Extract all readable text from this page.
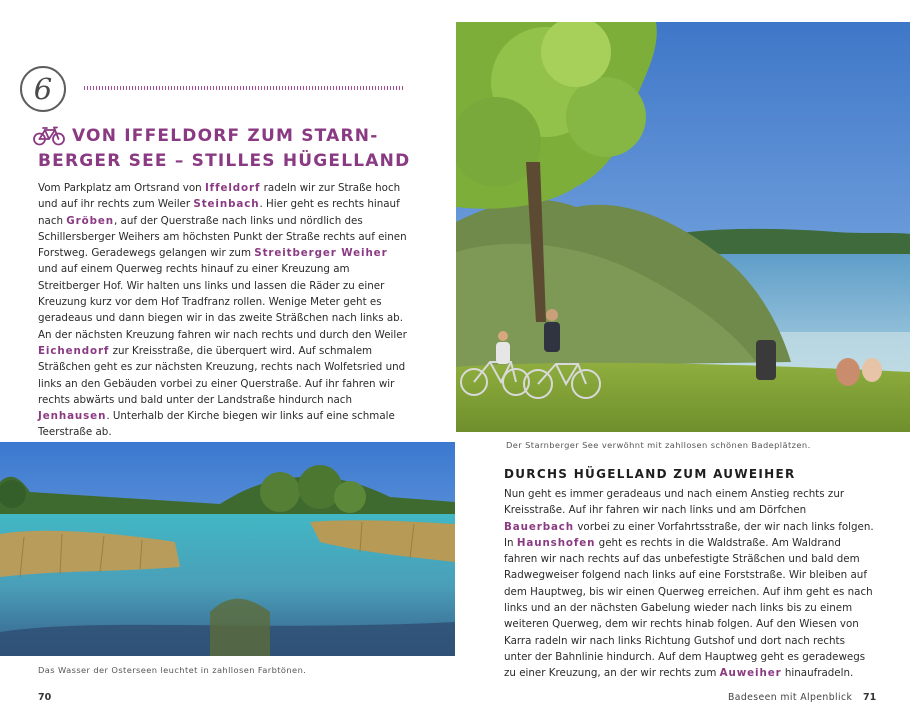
6
VON IFFELDORF ZUM STARN-
BERGER SEE – STILLES HÜGELLAND

Vom Parkplatz am Ortsrand von Iffeldorf radeln wir zur Straße hoch und auf ihr rechts zum Weiler Steinbach. Hier geht es rechts hinauf nach Gröben, auf der Querstraße nach links und nördlich des Schillersberger Weihers am höchsten Punkt der Straße rechts auf einen Forstweg. Geradewegs gelangen wir zum Streitberger Weiher und auf einem Querweg rechts hinauf zu einer Kreuzung am Streitberger Hof. Wir halten uns links und lassen die Räder zu einer Kreuzung kurz vor dem Hof Tradfranz rollen. Wenige Meter geht es geradeaus und dann biegen wir in das zweite Sträßchen nach links ab. An der nächsten Kreuzung fahren wir nach rechts und durch den Weiler Eichendorf zur Kreisstraße, die überquert wird. Auf schmalem Sträßchen geht es zur nächsten Kreuzung, rechts nach Wolfetsried und links an den Gebäuden vorbei zu einer Querstraße. Auf ihr fahren wir rechts abwärts und bald unter der Landstraße hindurch nach Jenhausen. Unterhalb der Kirche biegen wir links auf eine schmale Teerstraße ab.

Der Starnberger See verwöhnt mit zahllosen schönen Badeplätzen.
Das Wasser der Osterseen leuchtet in zahllosen Farbtönen.
DURCHS HÜGELLAND ZUM AUWEIHER

Nun geht es immer geradeaus und nach einem Anstieg rechts zur Kreisstraße. Auf ihr fahren wir nach links und am Dörfchen Bauerbach vorbei zu einer Vorfahrtsstraße, der wir nach links folgen. In Haunshofen geht es rechts in die Waldstraße. Am Waldrand fahren wir nach rechts auf das unbefestigte Sträßchen und bald dem Radwegweiser folgend nach links auf eine Forststraße. Wir bleiben auf dem Hauptweg, bis wir einen Querweg erreichen. Auf ihm geht es nach links und an der nächsten Gabelung wieder nach links bis zu einem weiteren Querweg, dem wir rechts hinab folgen. Auf den Wiesen von Karra radeln wir nach links Richtung Gutshof und dort nach rechts unter der Bahnlinie hindurch. Auf dem Hauptweg geht es geradewegs zu einer Kreuzung, an der wir rechts zum Auweiher hinaufradeln.

70	Badeseen mit Alpenblick 71
